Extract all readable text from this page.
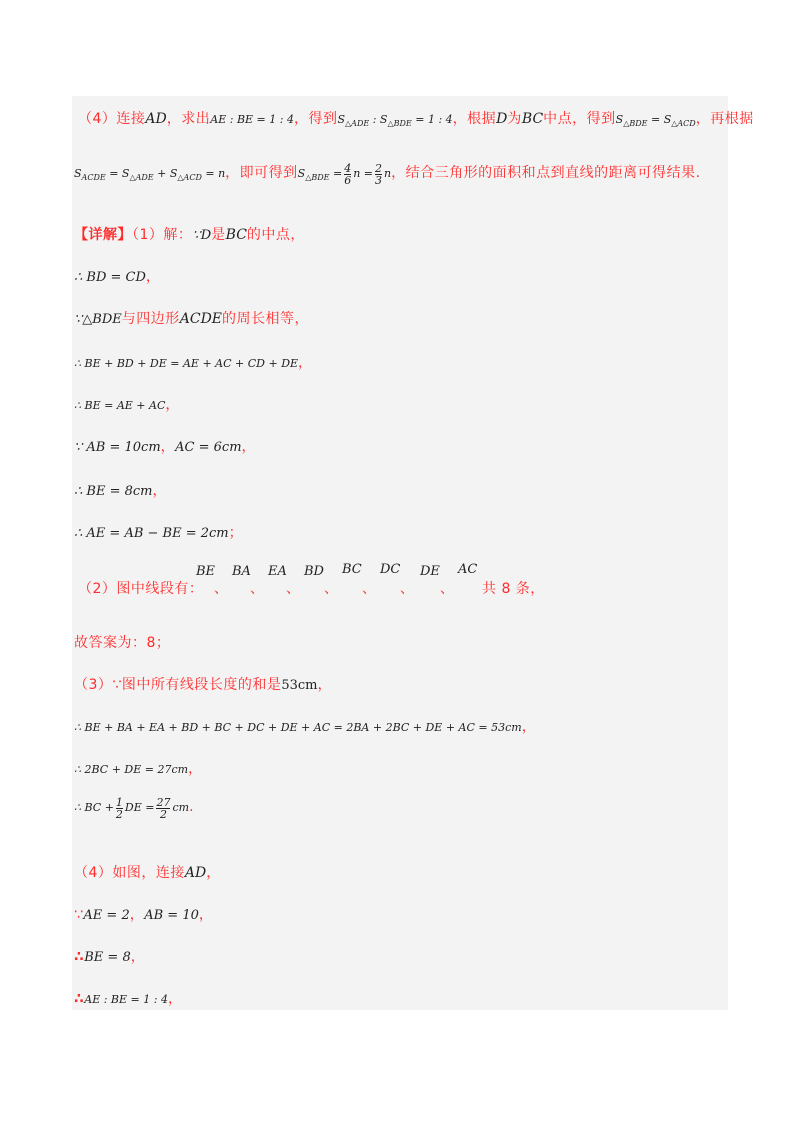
（4）连接AD，求出AE : BE = 1 : 4，得到$S_{\triangle ADE}$ : $S_{\triangle BDE} = 1$ : 4，根据D为BC中点，得到$S_{\triangle BDE} = S_{\triangle ACD}$，再根据
$S_{ACDE} = S_{\triangle ADE} + S_{\triangle ACD} = n$，即可得到$S_{\triangle BDE} = \frac{4}{6}$ $n = \frac{2}{3}$ n，结合三角形的面积和点到直线的距离可得结果.
【详解】（1）解：∵D是BC的中点，
∴ BD = CD，
∵△BDE与四边形ACDE的周长相等，
∴ BE + BD + DE = AE + AC + CD + DE，
∴ BE = AE + AC，
∵ AB = 10cm，AC = 6cm，
∴ BE = 8cm，
∴ AE = AB − BE = 2cm；
（2）图中线段有：
BE
、
BA
、
EA
、
BD
、
BC
、
DC
、
DE
、
AC
共 8 条，
故答案为：8；
（3）∵图中所有线段长度的和是53cm，
∴ BE + BA + EA + BD + BC + DC + DE + AC = 2BA + 2BC + DE + AC = 53cm，
∴ 2BC + DE = 27cm，
∴ BC + $\frac{1}{2}$ DE = $\frac{27}{2}$ cm.
（4）如图，连接AD，
∵AE = 2，AB = 10，
∴BE = 8，
∴AE : BE = 1 : 4，
